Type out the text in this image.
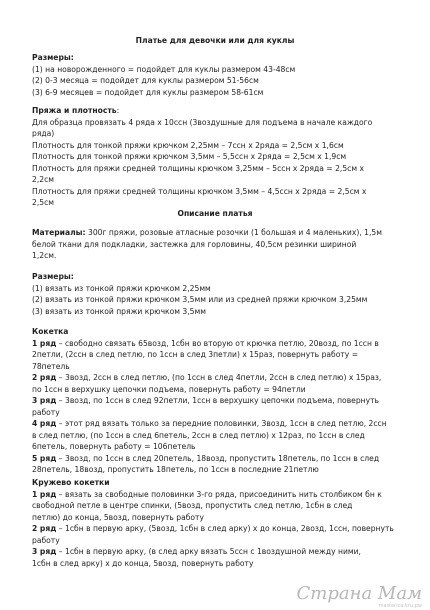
Платье для девочки или для куклы
Размеры:
(1) на новорожденного = подойдет для куклы размером 43-48см
(2) 0-3 месяца = подойдет для куклы размером 51-56см
(3) 6-9 месяцев = подойдет для куклы размером 58-61см
Пряжа и плотность:
Для образца провязать 4 ряда х 10ссн (3воздушные для подъема в начале каждого
ряда)
Плотность для тонкой пряжи крючком 2,25мм – 7ссн х 2ряда = 2,5см х 1,6см
Плотность для тонкой пряжи крючком 3,5мм – 5,5ссн х 2ряда = 2,5см х 1,9см
Плотность для пряжи средней толщины крючком 3,25мм – 5ссн х 2ряда = 2,5см х
2,2см
Плотность для пряжи средней толщины крючком 3,5мм – 4,5ссн х 2ряда = 2,5см х
2,5см
Описание платья
Материалы: 300г пряжи, розовые атласные розочки (1 большая и 4 маленьких), 1,5м
белой ткани для подкладки, застежка для горловины, 40,5см резинки шириной
1,2см.
Размеры:
(1) вязать из тонкой пряжи крючком 2,25мм
(2) вязать из тонкой пряжи крючком 3,5мм или из средней пряжи крючком 3,25мм
(3) вязать из тонкой пряжи крючком 3,5мм
Кокетка
1 ряд – свободно связать 65возд, 1сбн во вторую от крючка петлю, 20возд, по 1ссн в
2петли, (2ссн в след петлю, по 1ссн в след 3петли) х 15раз, повернуть работу =
78петель
2 ряд – 3возд, 2ссн в след петлю, (по 1ссн в след 4петли, 2ссн в след петлю) х 15раз,
по 1ссн в верхушку цепочки подъема, повернуть работу = 94петли
3 ряд – 3возд, по 1ссн в след 92петли, 1ссн в верхушку цепочки подъема, повернуть
работу
4 ряд – этот ряд вязать только за передние половинки, 3возд, 1ссн в след петлю, 2ссн
в след петлю, (по 1ссн в след 6петель, 2ссн в след петлю) х 12раз, по 1ссн в след
6петель, повернуть работу = 106петель
5 ряд – 3возд, по 1ссн в след 20петель, 18возд, пропустить 18петель, по 1ссн в след
28петель, 18возд, пропустить 18петель, по 1ссн в последние 21петлю
Кружево кокетки
1 ряд – вязать за свободные половинки 3-го ряда, присоединить нить столбиком бн к
свободной петле в центре спинки, (5возд, пропустить след петлю, 1сбн в след
петлю) до конца, 5возд, повернуть работу
2 ряд – 1сбн в первую арку, (5возд, 1сбн в след арку) х до конца, 2возд, 1ссн, повернуть
работу
3 ряд – 1сбн в первую арку, (в след арку вязать 5ссн с 1воздушной между ними,
1сбн в след арку) х до конца, 5возд, повернуть работу
Страна Мам
masterica.kru.pw
